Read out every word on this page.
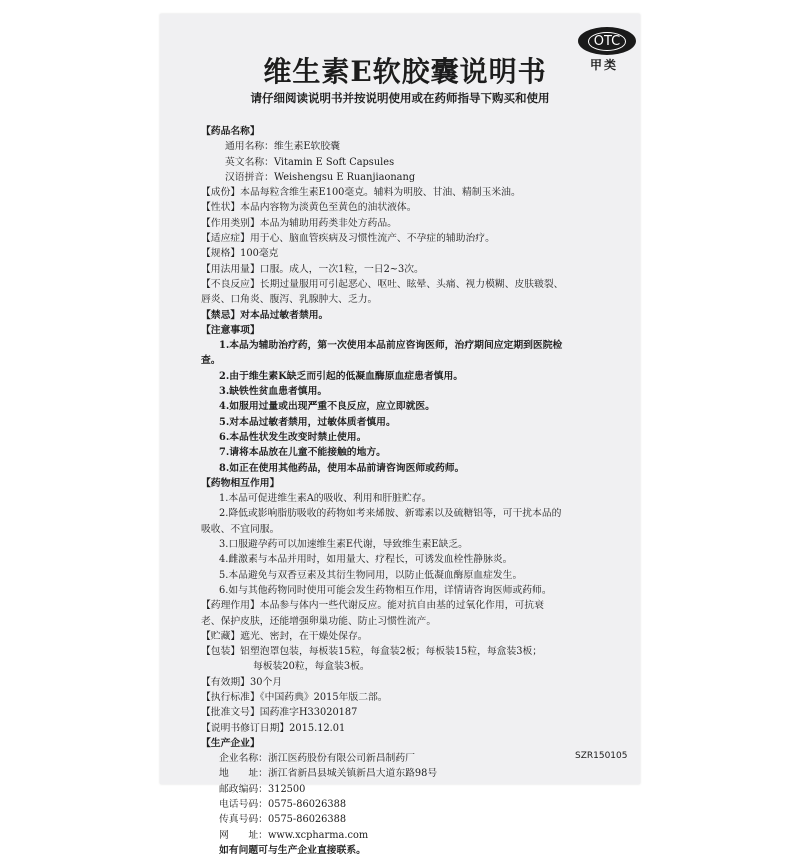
OTC
甲类
维生素E软胶囊说明书
请仔细阅读说明书并按说明使用或在药师指导下购买和使用
【药品名称】
通用名称：维生素E软胶囊
英文名称：Vitamin E Soft Capsules
汉语拼音：Weishengsu E Ruanjiaonang
【成份】本品每粒含维生素E100毫克。辅料为明胶、甘油、精制玉米油。
【性状】本品内容物为淡黄色至黄色的油状液体。
【作用类别】本品为辅助用药类非处方药品。
【适应症】用于心、脑血管疾病及习惯性流产、不孕症的辅助治疗。
【规格】100毫克
【用法用量】口服。成人，一次1粒，一日2~3次。
【不良反应】长期过量服用可引起恶心、呕吐、眩晕、头痛、视力模糊、皮肤皲裂、
唇炎、口角炎、腹泻、乳腺肿大、乏力。
【禁忌】对本品过敏者禁用。
【注意事项】
1.本品为辅助治疗药，第一次使用本品前应咨询医师，治疗期间应定期到医院检
查。
2.由于维生素K缺乏而引起的低凝血酶原血症患者慎用。
3.缺铁性贫血患者慎用。
4.如服用过量或出现严重不良反应，应立即就医。
5.对本品过敏者禁用，过敏体质者慎用。
6.本品性状发生改变时禁止使用。
7.请将本品放在儿童不能接触的地方。
8.如正在使用其他药品，使用本品前请咨询医师或药师。
【药物相互作用】
1.本品可促进维生素A的吸收、利用和肝脏贮存。
2.降低或影响脂肪吸收的药物如考来烯胺、新霉素以及硫糖铝等，可干扰本品的
吸收、不宜同服。
3.口服避孕药可以加速维生素E代谢，导致维生素E缺乏。
4.雌激素与本品并用时，如用量大、疗程长，可诱发血栓性静脉炎。
5.本品避免与双香豆素及其衍生物同用，以防止低凝血酶原血症发生。
6.如与其他药物同时使用可能会发生药物相互作用，详情请咨询医师或药师。
【药理作用】本品参与体内一些代谢反应。能对抗自由基的过氧化作用，可抗衰
老、保护皮肤，还能增强卵巢功能、防止习惯性流产。
【贮藏】遮光、密封，在干燥处保存。
【包装】铝塑泡罩包装，每板装15粒，每盒装2板；每板装15粒，每盒装3板；
每板装20粒，每盒装3板。
【有效期】30个月
【执行标准】《中国药典》2015年版二部。
【批准文号】国药准字H33020187
【说明书修订日期】2015.12.01
【生产企业】
企业名称：浙江医药股份有限公司新昌制药厂
地　　址：浙江省新昌县城关镇新昌大道东路98号
邮政编码：312500
电话号码：0575-86026388
传真号码：0575-86026388
网　　址：www.xcpharma.com
如有问题可与生产企业直接联系。
SZR150105
